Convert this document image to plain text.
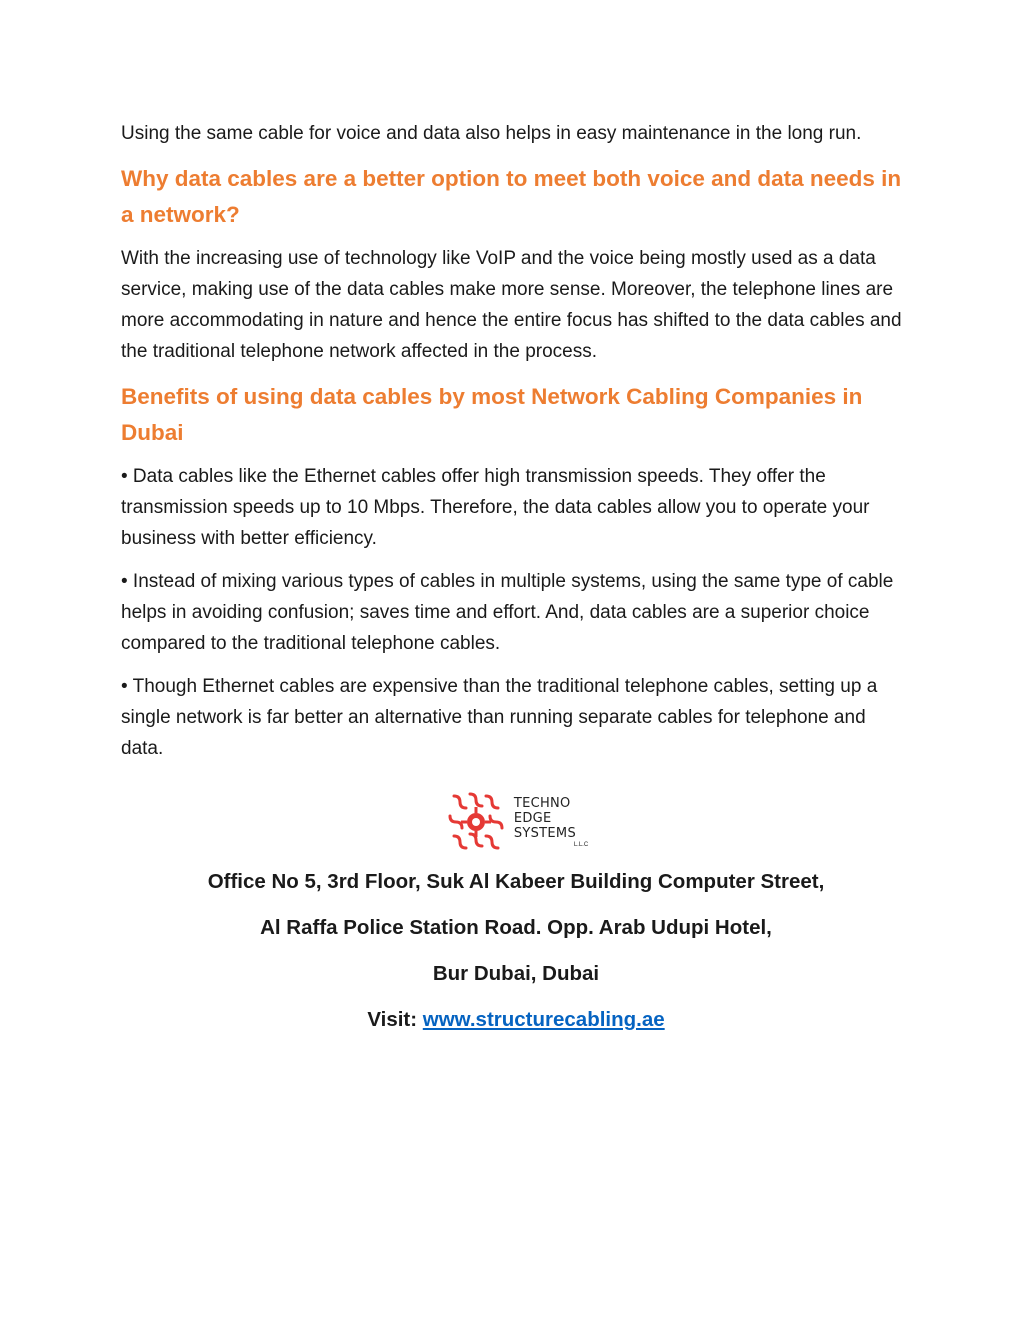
Using the same cable for voice and data also helps in easy maintenance in the long run.

Why data cables are a better option to meet both voice and data needs in a network?

With the increasing use of technology like VoIP and the voice being mostly used as a data service, making use of the data cables make more sense. Moreover, the telephone lines are more accommodating in nature and hence the entire focus has shifted to the data cables and the traditional telephone network affected in the process.

Benefits of using data cables by most Network Cabling Companies in Dubai

• Data cables like the Ethernet cables offer high transmission speeds. They offer the transmission speeds up to 10 Mbps. Therefore, the data cables allow you to operate your business with better efficiency.

• Instead of mixing various types of cables in multiple systems, using the same type of cable helps in avoiding confusion; saves time and effort. And, data cables are a superior choice compared to the traditional telephone cables.

• Though Ethernet cables are expensive than the traditional telephone cables, setting up a single network is far better an alternative than running separate cables for telephone and data.

TECHNO
EDGE
SYSTEMS
L.L.C
Office No 5, 3rd Floor, Suk Al Kabeer Building Computer Street,
Al Raffa Police Station Road. Opp. Arab Udupi Hotel,
Bur Dubai, Dubai
Visit: www.structurecabling.ae
